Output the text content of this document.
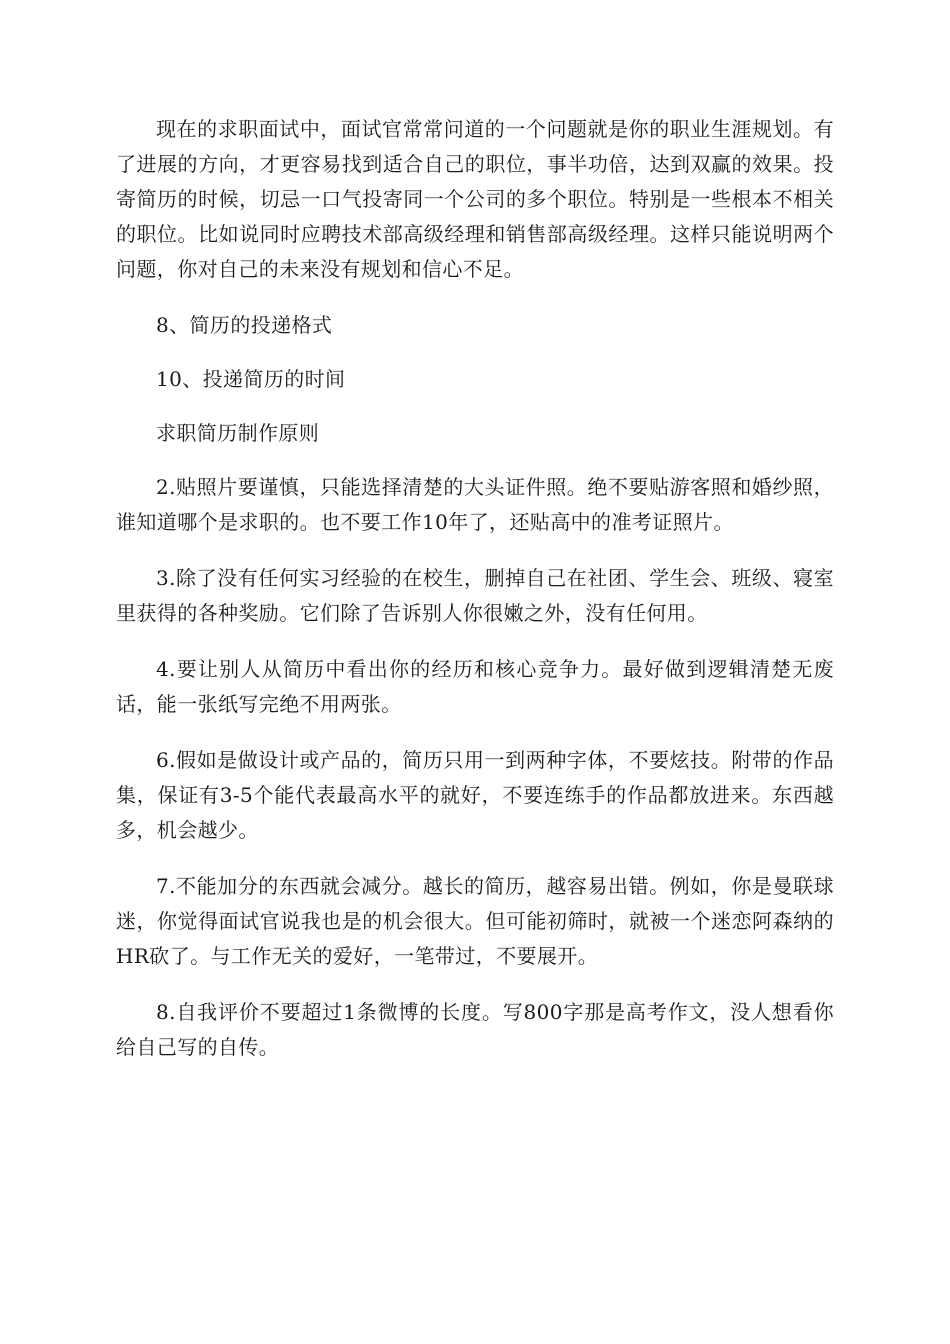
现在的求职面试中，面试官常常问道的一个问题就是你的职业生涯规划。有了进展的方向，才更容易找到适合自己的职位，事半功倍，达到双赢的效果。投寄简历的时候，切忌一口气投寄同一个公司的多个职位。特别是一些根本不相关的职位。比如说同时应聘技术部高级经理和销售部高级经理。这样只能说明两个问题，你对自己的未来没有规划和信心不足。

8、简历的投递格式

10、投递简历的时间

求职简历制作原则

2.贴照片要谨慎，只能选择清楚的大头证件照。绝不要贴游客照和婚纱照，谁知道哪个是求职的。也不要工作10年了，还贴高中的准考证照片。

3.除了没有任何实习经验的在校生，删掉自己在社团、学生会、班级、寝室里获得的各种奖励。它们除了告诉别人你很嫩之外，没有任何用。

4.要让别人从简历中看出你的经历和核心竞争力。最好做到逻辑清楚无废话，能一张纸写完绝不用两张。

6.假如是做设计或产品的，简历只用一到两种字体，不要炫技。附带的作品集，保证有3-5个能代表最高水平的就好，不要连练手的作品都放进来。东西越多，机会越少。

7.不能加分的东西就会减分。越长的简历，越容易出错。例如，你是曼联球迷，你觉得面试官说我也是的机会很大。但可能初筛时，就被一个迷恋阿森纳的HR砍了。与工作无关的爱好，一笔带过，不要展开。

8.自我评价不要超过1条微博的长度。写800字那是高考作文，没人想看你给自己写的自传。
